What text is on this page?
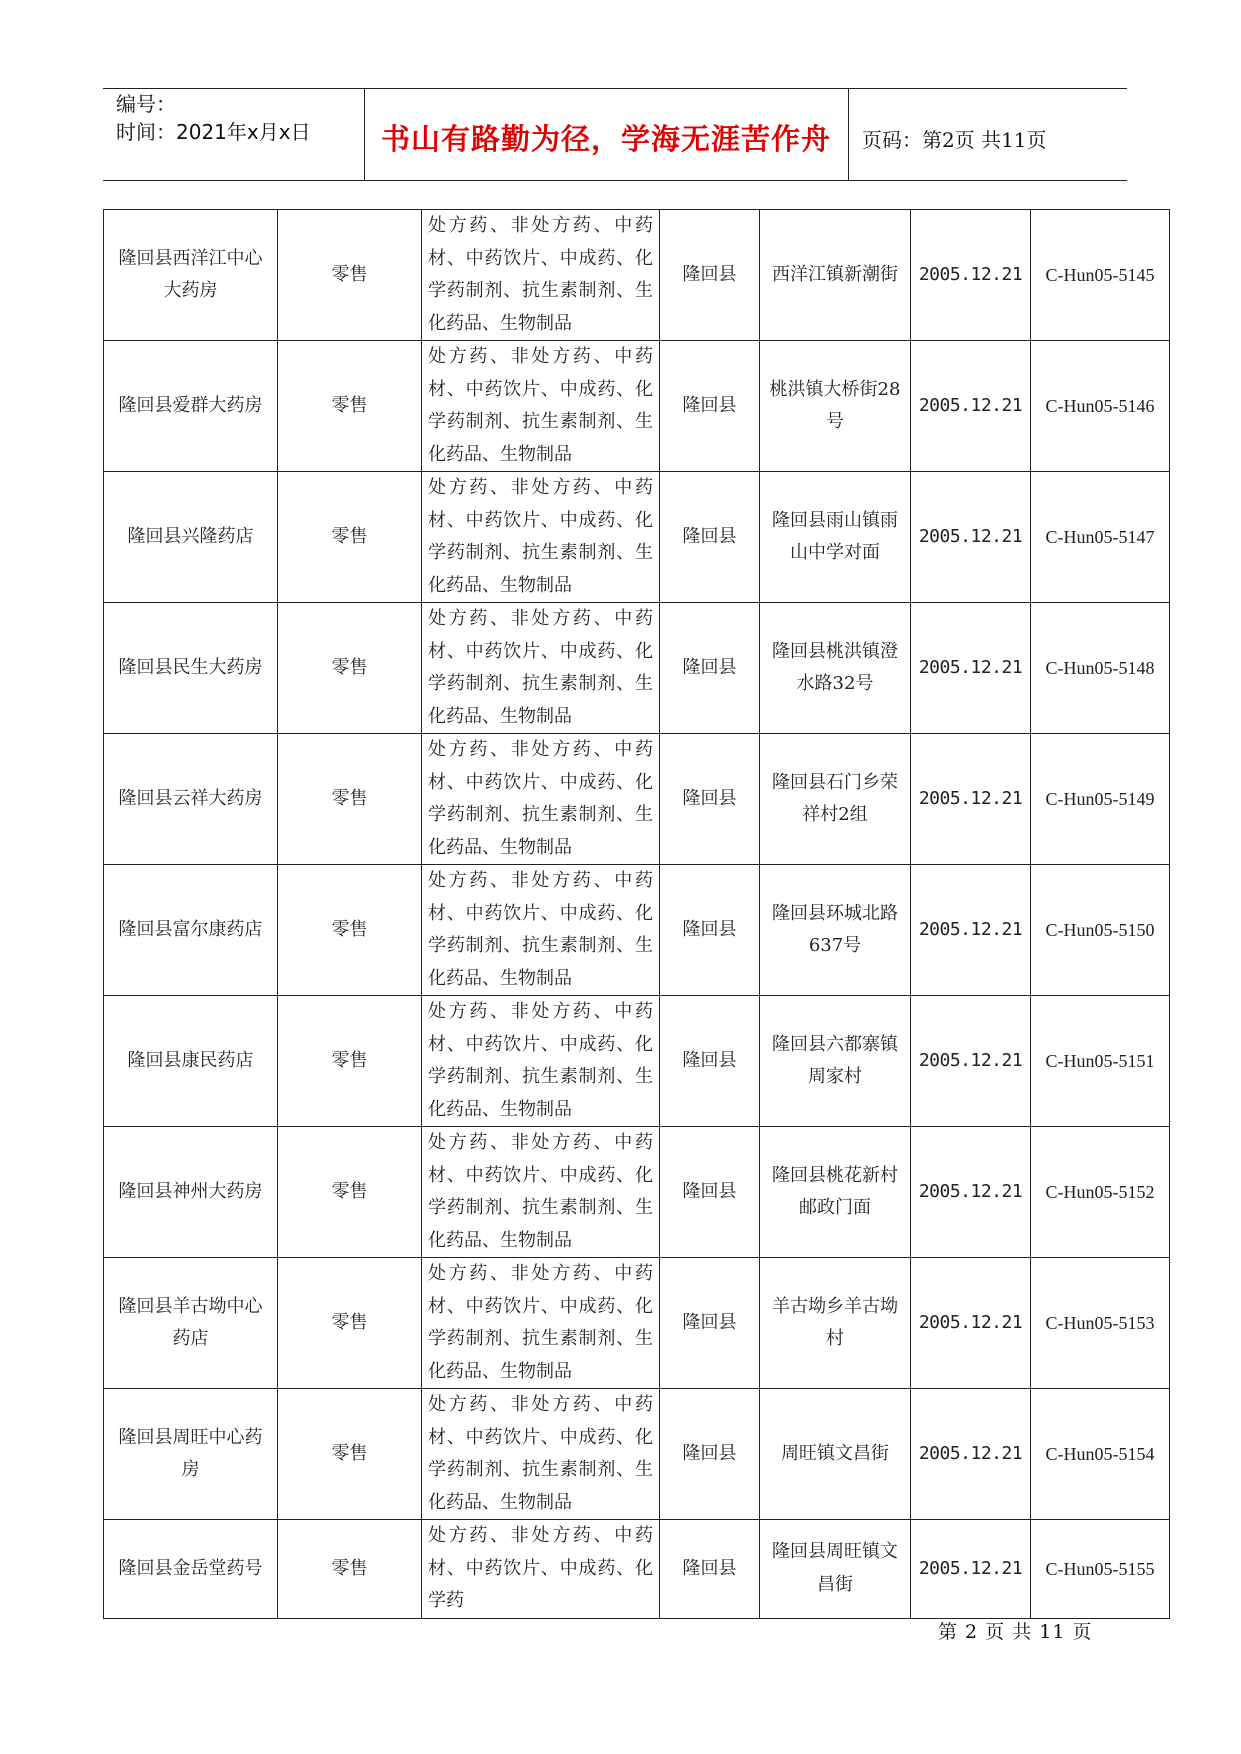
编号：
时间：2021年x月x日	书山有路勤为径，学海无涯苦作舟	页码：第2页 共11页
隆回县西洋江中心大药房	零售	处方药、非处方药、中药材、中药饮片、中成药、化学药制剂、抗生素制剂、生化药品、生物制品	隆回县	西洋江镇新潮街	2005.12.21	C-Hun05-5145
隆回县爱群大药房	零售	处方药、非处方药、中药材、中药饮片、中成药、化学药制剂、抗生素制剂、生化药品、生物制品	隆回县	桃洪镇大桥街28号	2005.12.21	C-Hun05-5146
隆回县兴隆药店	零售	处方药、非处方药、中药材、中药饮片、中成药、化学药制剂、抗生素制剂、生化药品、生物制品	隆回县	隆回县雨山镇雨山中学对面	2005.12.21	C-Hun05-5147
隆回县民生大药房	零售	处方药、非处方药、中药材、中药饮片、中成药、化学药制剂、抗生素制剂、生化药品、生物制品	隆回县	隆回县桃洪镇澄水路32号	2005.12.21	C-Hun05-5148
隆回县云祥大药房	零售	处方药、非处方药、中药材、中药饮片、中成药、化学药制剂、抗生素制剂、生化药品、生物制品	隆回县	隆回县石门乡荣祥村2组	2005.12.21	C-Hun05-5149
隆回县富尔康药店	零售	处方药、非处方药、中药材、中药饮片、中成药、化学药制剂、抗生素制剂、生化药品、生物制品	隆回县	隆回县环城北路637号	2005.12.21	C-Hun05-5150
隆回县康民药店	零售	处方药、非处方药、中药材、中药饮片、中成药、化学药制剂、抗生素制剂、生化药品、生物制品	隆回县	隆回县六都寨镇周家村	2005.12.21	C-Hun05-5151
隆回县神州大药房	零售	处方药、非处方药、中药材、中药饮片、中成药、化学药制剂、抗生素制剂、生化药品、生物制品	隆回县	隆回县桃花新村邮政门面	2005.12.21	C-Hun05-5152
隆回县羊古坳中心药店	零售	处方药、非处方药、中药材、中药饮片、中成药、化学药制剂、抗生素制剂、生化药品、生物制品	隆回县	羊古坳乡羊古坳村	2005.12.21	C-Hun05-5153
隆回县周旺中心药房	零售	处方药、非处方药、中药材、中药饮片、中成药、化学药制剂、抗生素制剂、生化药品、生物制品	隆回县	周旺镇文昌街	2005.12.21	C-Hun05-5154
隆回县金岳堂药号	零售	处方药、非处方药、中药材、中药饮片、中成药、化学药	隆回县	隆回县周旺镇文昌街	2005.12.21	C-Hun05-5155
第 2 页 共 11 页
